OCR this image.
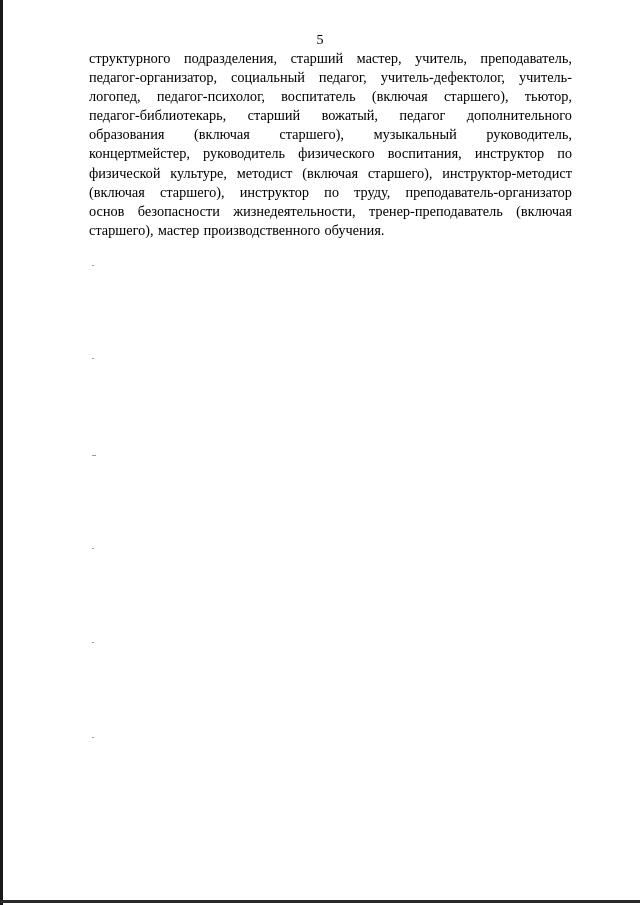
5
структурного подразделения, старший мастер, учитель, преподаватель,
педагог-организатор, социальный педагог, учитель-дефектолог, учитель-
логопед, педагог-психолог, воспитатель (включая старшего), тьютор,
педагог-библиотекарь, старший вожатый, педагог дополнительного
образования (включая старшего), музыкальный руководитель,
концертмейстер, руководитель физического воспитания, инструктор по
физической культуре, методист (включая старшего), инструктор-методист
(включая старшего), инструктор по труду, преподаватель-организатор
основ безопасности жизнедеятельности, тренер-преподаватель (включая
старшего), мастер производственного обучения.
